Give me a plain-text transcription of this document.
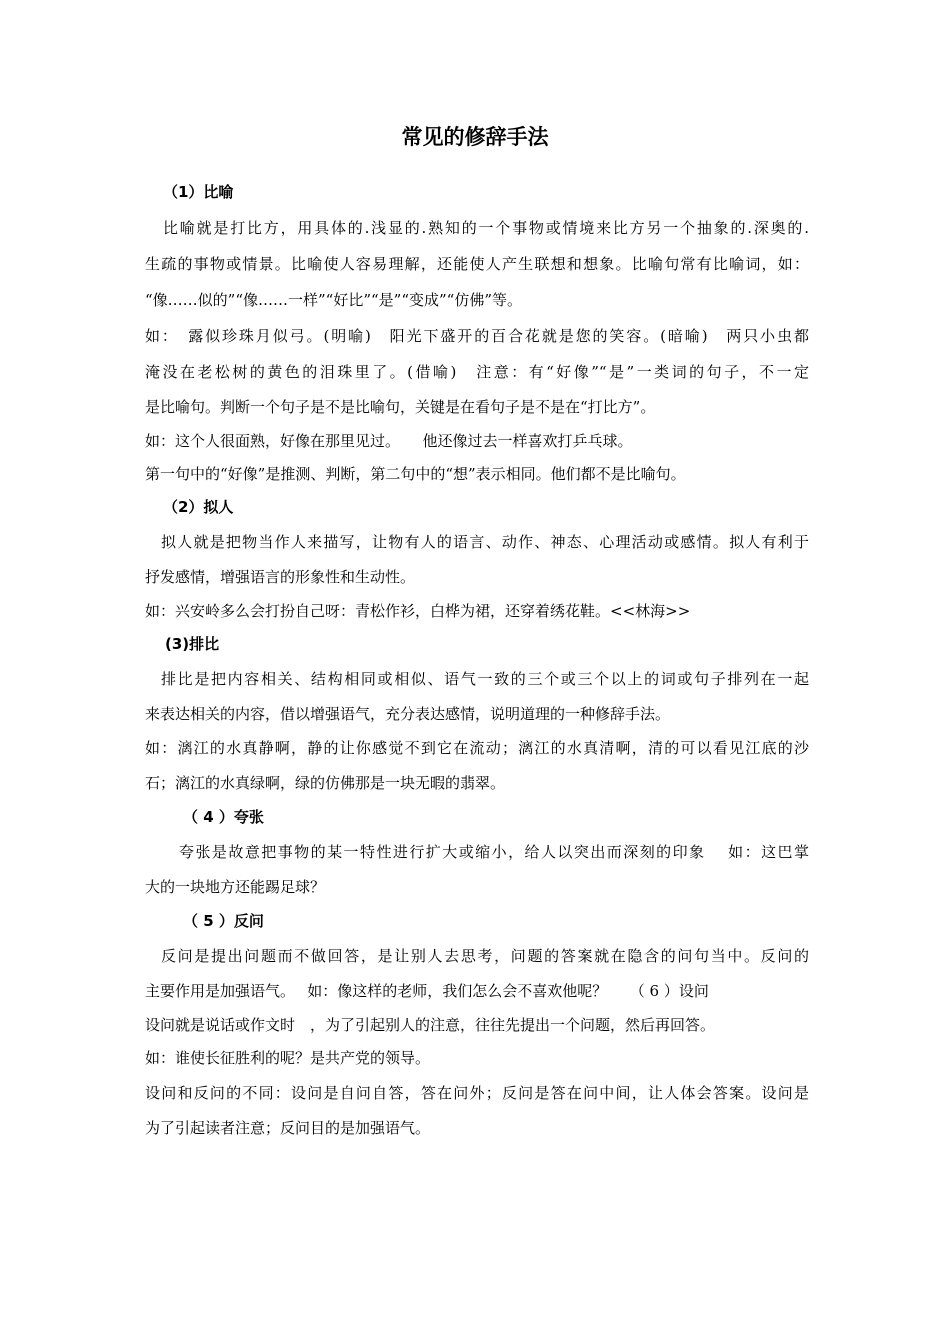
常见的修辞手法

（1）比喻

比喻就是打比方，用具体的.浅显的.熟知的一个事物或情境来比方另一个抽象的.深奥的.

生疏的事物或情景。比喻使人容易理解，还能使人产生联想和想象。比喻句常有比喻词，如：

“像……似的”“像……一样”“好比”“是”“变成”“仿佛”等。

如：　露似珍珠月似弓。(明喻)　阳光下盛开的百合花就是您的笑容。(暗喻)　两只小虫都

淹没在老松树的黄色的泪珠里了。(借喻)　注意：有“好像”“是”一类词的句子，不一定

是比喻句。判断一个句子是不是比喻句，关键是在看句子是不是在“打比方”。

如：这个人很面熟，好像在那里见过。　　他还像过去一样喜欢打乒乓球。

第一句中的“好像”是推测、判断，第二句中的“想”表示相同。他们都不是比喻句。

（2）拟人

拟人就是把物当作人来描写，让物有人的语言、动作、神态、心理活动或感情。拟人有利于

抒发感情，增强语言的形象性和生动性。

如：兴安岭多么会打扮自己呀：青松作衫，白桦为裙，还穿着绣花鞋。<<林海>>

(3)排比

排比是把内容相关、结构相同或相似、语气一致的三个或三个以上的词或句子排列在一起

来表达相关的内容，借以增强语气，充分表达感情，说明道理的一种修辞手法。

如：漓江的水真静啊，静的让你感觉不到它在流动；漓江的水真清啊，清的可以看见江底的沙

石；漓江的水真绿啊，绿的仿佛那是一块无暇的翡翠。

（ 4 ）夸张

夸张是故意把事物的某一特性进行扩大或缩小，给人以突出而深刻的印象　 如：这巴掌

大的一块地方还能踢足球？

（ 5 ）反问

反问是提出问题而不做回答，是让别人去思考，问题的答案就在隐含的问句当中。反问的

主要作用是加强语气。　 如：像这样的老师，我们怎么会不喜欢他呢？　　（ 6 ）设问

设问就是说话或作文时　，为了引起别人的注意，往往先提出一个问题，然后再回答。

如：谁使长征胜利的呢？是共产党的领导。

设问和反问的不同：设问是自问自答，答在问外；反问是答在问中间，让人体会答案。设问是

为了引起读者注意；反问目的是加强语气。
